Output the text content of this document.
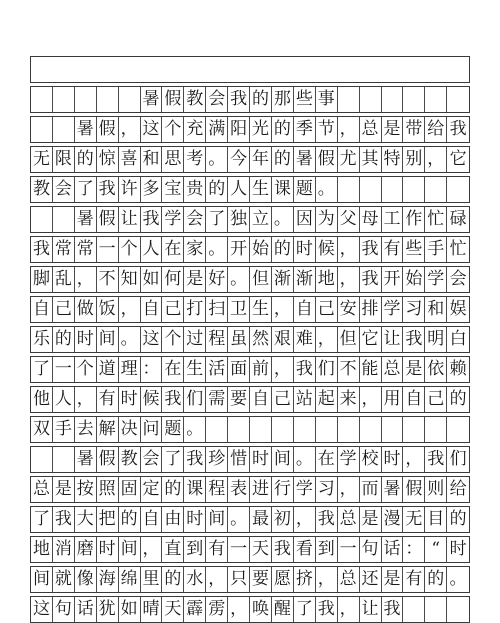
暑 假 教 会 我 的 那 些 事
暑 假 ， 这 个 充 满 阳 光 的 季 节 ， 总 是 带 给 我
无 限 的 惊 喜 和 思 考 。 今 年 的 暑 假 尤 其 特 别 ， 它
教 会 了 我 许 多 宝 贵 的 人 生 课 题 。
暑 假 让 我 学 会 了 独 立 。 因 为 父 母 工 作 忙 碌
我 常 常 一 个 人 在 家 。 开 始 的 时 候 ， 我 有 些 手 忙
脚 乱 ， 不 知 如 何 是 好 。 但 渐 渐 地 ， 我 开 始 学 会
自 己 做 饭 ， 自 己 打 扫 卫 生 ， 自 己 安 排 学 习 和 娱
乐 的 时 间 。 这 个 过 程 虽 然 艰 难 ， 但 它 让 我 明 白
了 一 个 道 理 ： 在 生 活 面 前 ， 我 们 不 能 总 是 依 赖
他 人 ， 有 时 候 我 们 需 要 自 己 站 起 来 ， 用 自 己 的
双 手 去 解 决 问 题 。
暑 假 教 会 了 我 珍 惜 时 间 。 在 学 校 时 ， 我 们
总 是 按 照 固 定 的 课 程 表 进 行 学 习 ， 而 暑 假 则 给
了 我 大 把 的 自 由 时 间 。 最 初 ， 我 总 是 漫 无 目 的
地 消 磨 时 间 ， 直 到 有 一 天 我 看 到 一 句 话 ： “ 时
间 就 像 海 绵 里 的 水 ， 只 要 愿 挤 ， 总 还 是 有 的 。
这 句 话 犹 如 晴 天 霹 雳 ， 唤 醒 了 我 ， 让 我
